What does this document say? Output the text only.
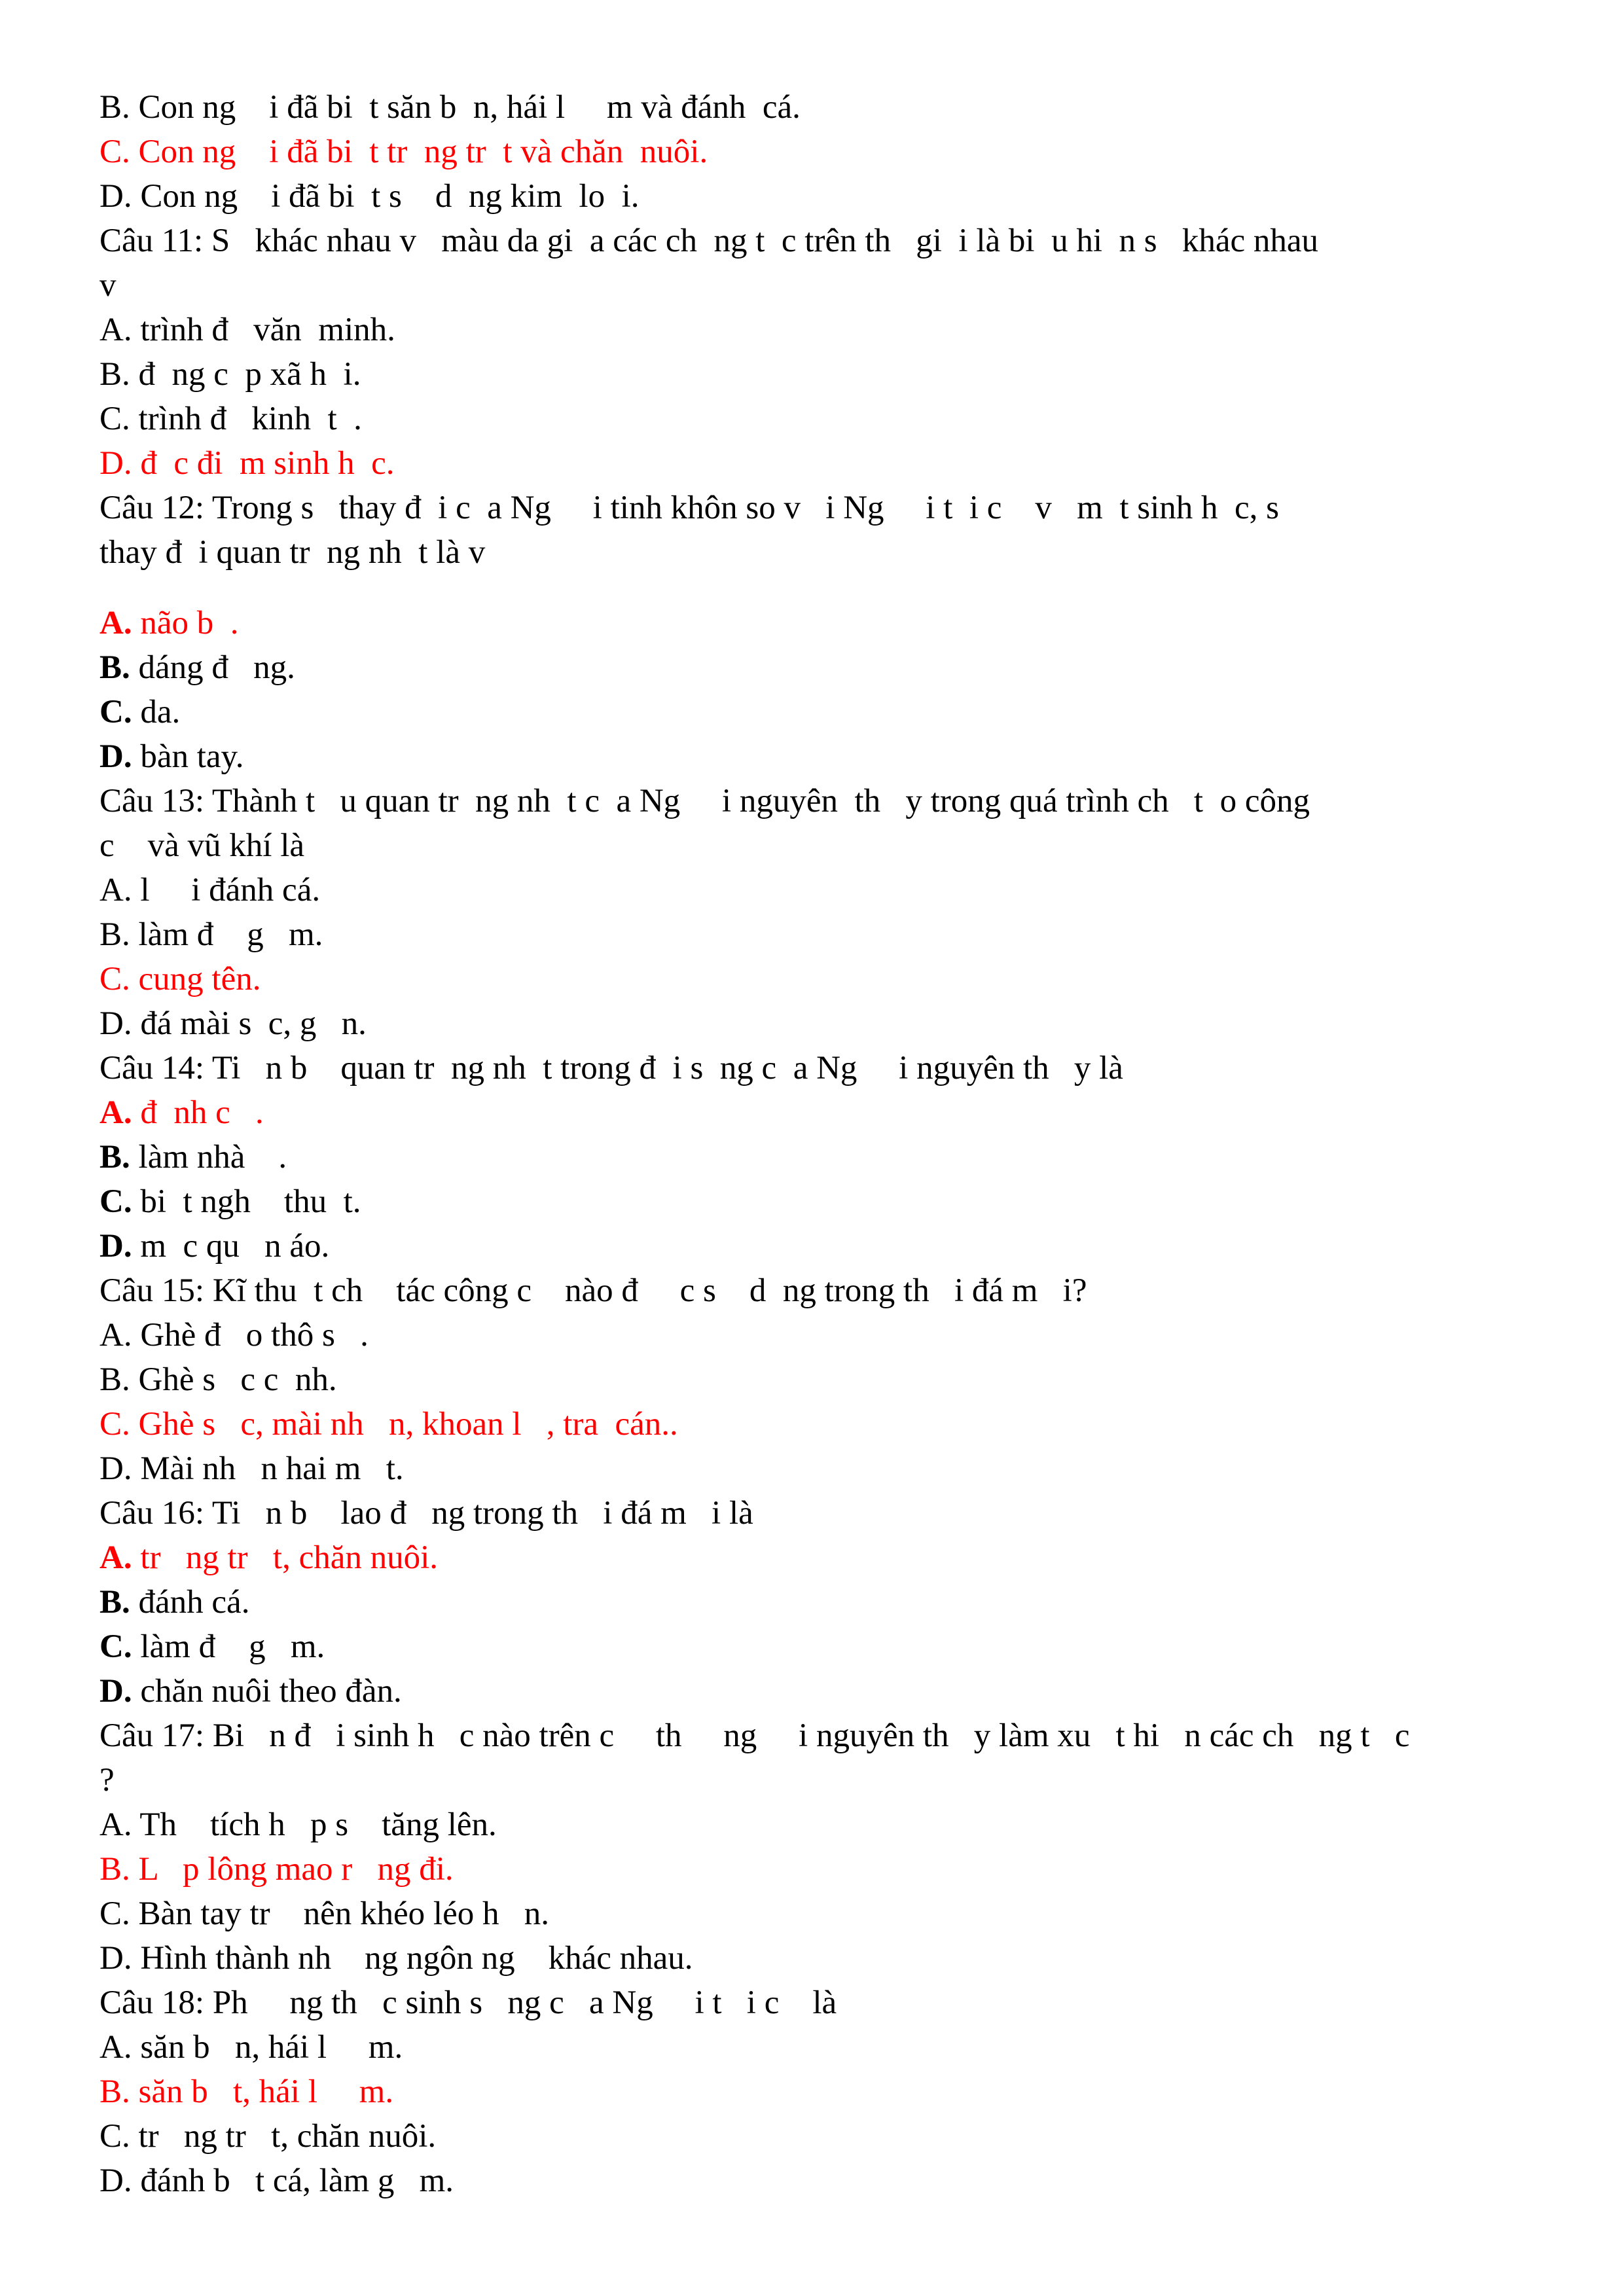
B. Con ng    i đã bi  t săn b  n, hái l     m và đánh  cá.
C. Con ng    i đã bi  t tr  ng tr  t và chăn  nuôi.
D. Con ng    i đã bi  t s    d  ng kim  lo  i.
Câu 11: S   khác nhau v   màu da gi  a các ch  ng t  c trên th   gi  i là bi  u hi  n s   khác nhau
v
A. trình đ   văn  minh.
B. đ  ng c  p xã h  i.
C. trình đ   kinh  t  .
D. đ  c đi  m sinh h  c.
Câu 12: Trong s   thay đ  i c  a Ng     i tinh khôn so v   i Ng     i t  i c    v   m  t sinh h  c, s
thay đ  i quan tr  ng nh  t là v
A. não b  .
B. dáng đ   ng.
C. da.
D. bàn tay.
Câu 13: Thành t   u quan tr  ng nh  t c  a Ng     i nguyên  th   y trong quá trình ch   t  o công
c    và vũ khí là
A. l     i đánh cá.
B. làm đ    g   m.
C. cung tên.
D. đá mài s  c, g   n.
Câu 14: Ti   n b    quan tr  ng nh  t trong đ  i s  ng c  a Ng     i nguyên th   y là
A. đ  nh c   .
B. làm nhà    .
C. bi  t ngh    thu  t.
D. m  c qu   n áo.
Câu 15: Kĩ thu  t ch    tác công c    nào đ     c s    d  ng trong th   i đá m   i?
A. Ghè đ   o thô s   .
B. Ghè s   c c  nh.
C. Ghè s   c, mài nh   n, khoan l   , tra  cán..
D. Mài nh   n hai m   t.
Câu 16: Ti   n b    lao đ   ng trong th   i đá m   i là
A. tr   ng tr   t, chăn nuôi.
B. đánh cá.
C. làm đ    g   m.
D. chăn nuôi theo đàn.
Câu 17: Bi   n đ   i sinh h   c nào trên c     th     ng     i nguyên th   y làm xu   t hi   n các ch   ng t   c
?
A. Th    tích h   p s    tăng lên.
B. L   p lông mao r   ng đi.
C. Bàn tay tr    nên khéo léo h   n.
D. Hình thành nh    ng ngôn ng    khác nhau.
Câu 18: Ph     ng th   c sinh s   ng c   a Ng     i t   i c    là
A. săn b   n, hái l     m.
B. săn b   t, hái l     m.
C. tr   ng tr   t, chăn nuôi.
D. đánh b   t cá, làm g   m.
